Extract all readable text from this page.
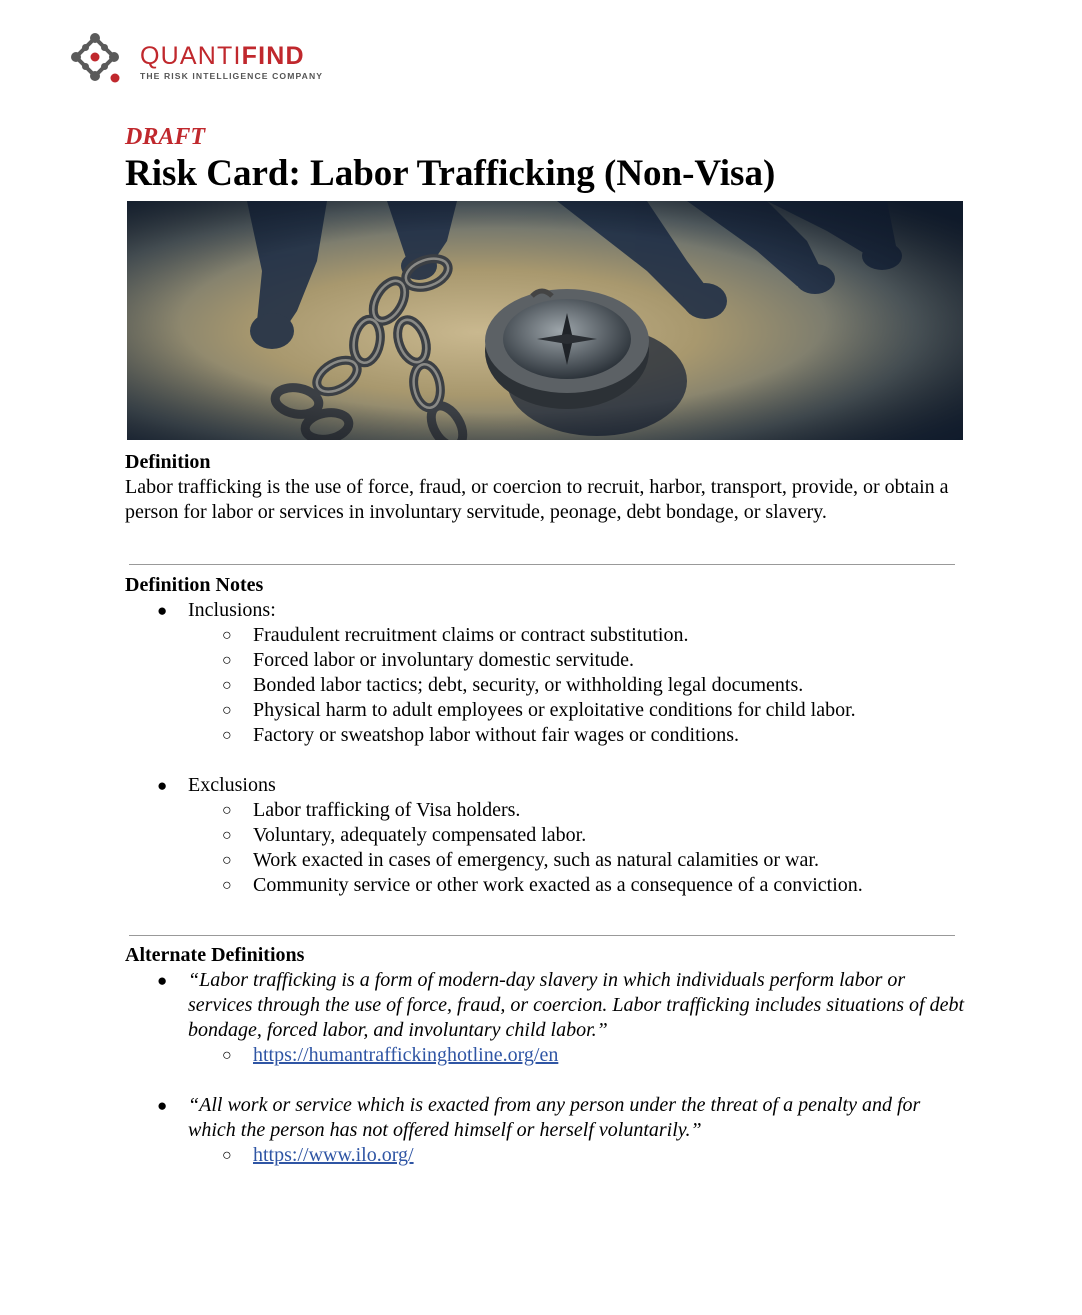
QUANTIFIND
THE RISK INTELLIGENCE COMPANY
DRAFT
Risk Card: Labor Trafficking (Non-Visa)
Definition
Labor trafficking is the use of force, fraud, or coercion to recruit, harbor, transport, provide, or obtain a person for labor or services in involuntary servitude, peonage, debt bondage, or slavery.
Definition Notes
● Inclusions:
○ Fraudulent recruitment claims or contract substitution.
○ Forced labor or involuntary domestic servitude.
○ Bonded labor tactics; debt, security, or withholding legal documents.
○ Physical harm to adult employees or exploitative conditions for child labor.
○ Factory or sweatshop labor without fair wages or conditions.
● Exclusions
○ Labor trafficking of Visa holders.
○ Voluntary, adequately compensated labor.
○ Work exacted in cases of emergency, such as natural calamities or war.
○ Community service or other work exacted as a consequence of a conviction.
Alternate Definitions
● “Labor trafficking is a form of modern-day slavery in which individuals perform labor or services through the use of force, fraud, or coercion. Labor trafficking includes situations of debt bondage, forced labor, and involuntary child labor.”
○ https://humantraffickinghotline.org/en
● “All work or service which is exacted from any person under the threat of a penalty and for which the person has not offered himself or herself voluntarily.”
○ https://www.ilo.org/
